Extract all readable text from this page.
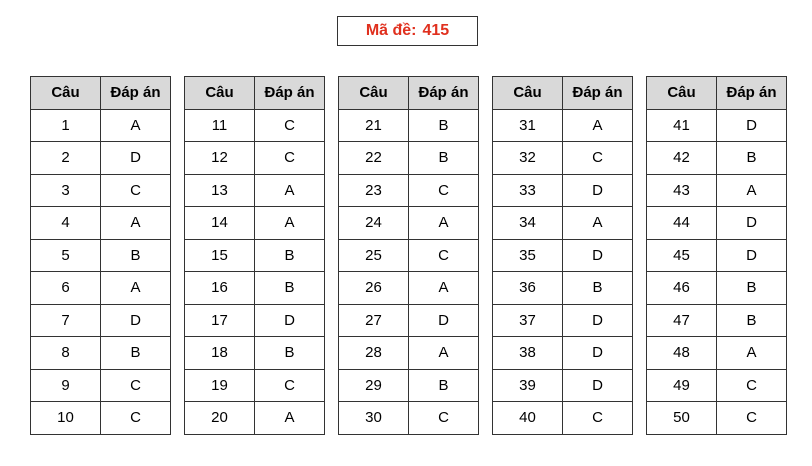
Mã đề: 415
Câu	Đáp án
1	A
2	D
3	C
4	A
5	B
6	A
7	D
8	B
9	C
10	C
Câu	Đáp án
11	C
12	C
13	A
14	A
15	B
16	B
17	D
18	B
19	C
20	A
Câu	Đáp án
21	B
22	B
23	C
24	A
25	C
26	A
27	D
28	A
29	B
30	C
Câu	Đáp án
31	A
32	C
33	D
34	A
35	D
36	B
37	D
38	D
39	D
40	C
Câu	Đáp án
41	D
42	B
43	A
44	D
45	D
46	B
47	B
48	A
49	C
50	C
